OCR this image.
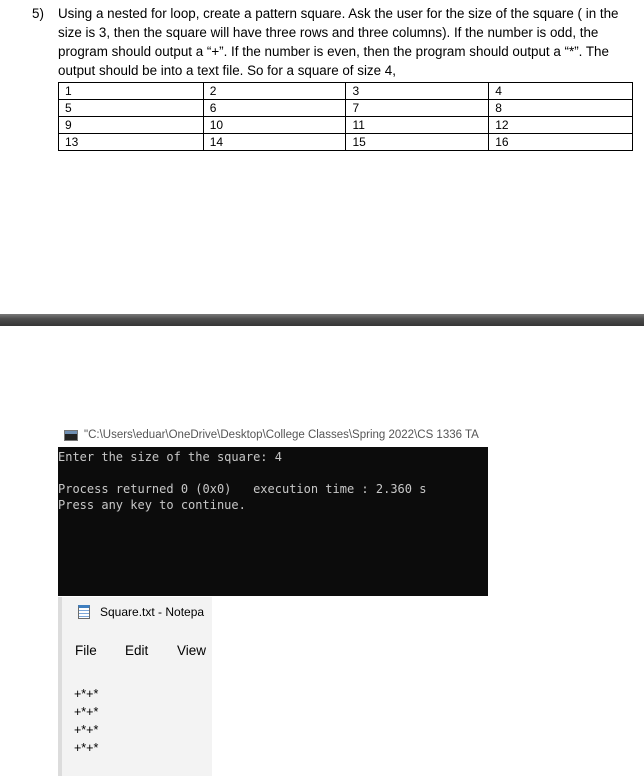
5) Using a nested for loop, create a pattern square. Ask the user for the size of the square ( in the
size is 3, then the square will have three rows and three columns). If the number is odd, the
program should output a “+”. If the number is even, then the program should output a “*”. The
output should be into a text file. So for a square of size 4,
1	2	3	4
5	6	7	8
9	10	11	12
13	14	15	16
"C:\Users\eduar\OneDrive\Desktop\College Classes\Spring 2022\CS 1336 TA
Enter the size of the square: 4
Process returned 0 (0x0)   execution time : 2.360 s
Press any key to continue.
Square.txt - Notepa
+*+*
+*+*
+*+*
+*+*
File Edit View
